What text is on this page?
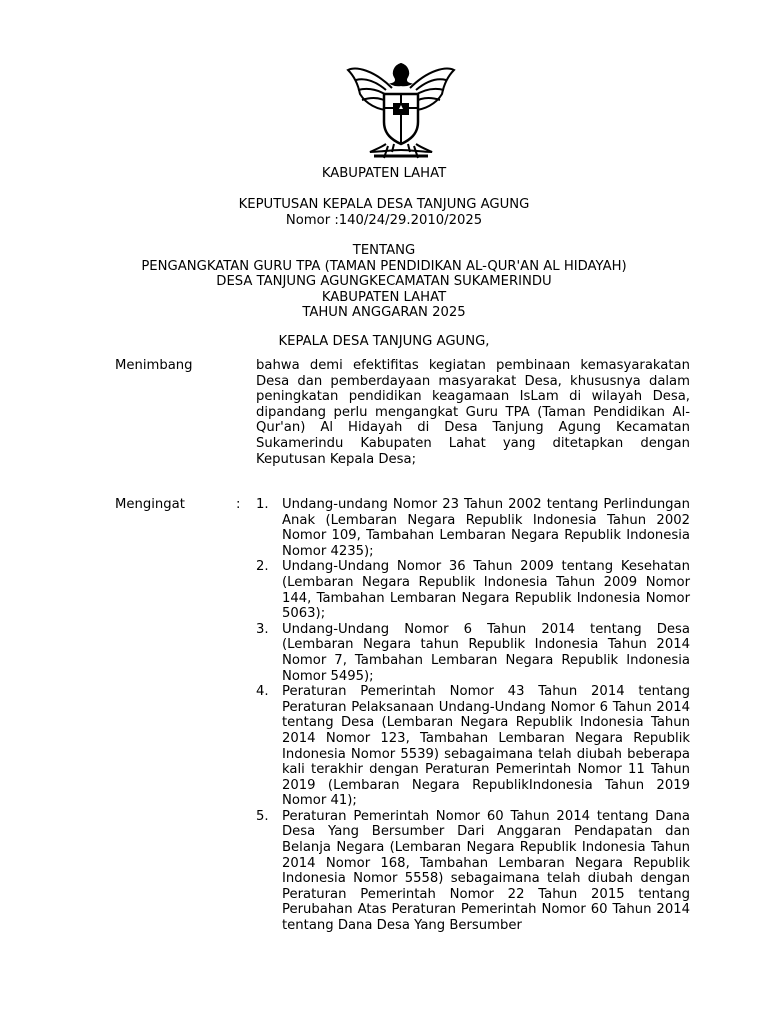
KABUPATEN LAHAT
KEPUTUSAN KEPALA DESA TANJUNG AGUNG
Nomor :140/24/29.2010/2025
TENTANG
PENGANGKATAN GURU TPA (TAMAN PENDIDIKAN AL-QUR'AN AL HIDAYAH)
DESA TANJUNG AGUNGKECAMATAN SUKAMERINDU
KABUPATEN LAHAT
TAHUN ANGGARAN 2025
KEPALA DESA TANJUNG AGUNG,
Menimbang	bahwa demi efektifitas kegiatan pembinaan kemasyarakatan Desa dan pemberdayaan masyarakat Desa, khususnya dalam peningkatan pendidikan keagamaan IsLam di wilayah Desa, dipandang perlu mengangkat Guru TPA (Taman Pendidikan Al-Qur'an) Al Hidayah di Desa Tanjung Agung Kecamatan Sukamerindu Kabupaten Lahat yang ditetapkan dengan Keputusan Kepala Desa;
Mengingat	: 1. Undang-undang Nomor 23 Tahun 2002 tentang Perlindungan Anak (Lembaran Negara Republik Indonesia Tahun 2002 Nomor 109, Tambahan Lembaran Negara Republik Indonesia Nomor 4235);
2. Undang-Undang Nomor 36 Tahun 2009 tentang Kesehatan (Lembaran Negara Republik Indonesia Tahun 2009 Nomor 144, Tambahan Lembaran Negara Republik Indonesia Nomor 5063);
3. Undang-Undang Nomor 6 Tahun 2014 tentang Desa (Lembaran Negara tahun Republik Indonesia Tahun 2014 Nomor 7, Tambahan Lembaran Negara Republik Indonesia Nomor 5495);
4. Peraturan Pemerintah Nomor 43 Tahun 2014 tentang Peraturan Pelaksanaan Undang-Undang Nomor 6 Tahun 2014 tentang Desa (Lembaran Negara Republik Indonesia Tahun 2014 Nomor 123, Tambahan Lembaran Negara Republik Indonesia Nomor 5539) sebagaimana telah diubah beberapa kali terakhir dengan Peraturan Pemerintah Nomor 11 Tahun 2019 (Lembaran Negara RepublikIndonesia Tahun 2019 Nomor 41);
5. Peraturan Pemerintah Nomor 60 Tahun 2014 tentang Dana Desa Yang Bersumber Dari Anggaran Pendapatan dan Belanja Negara (Lembaran Negara Republik Indonesia Tahun 2014 Nomor 168, Tambahan Lembaran Negara Republik Indonesia Nomor 5558) sebagaimana telah diubah dengan Peraturan Pemerintah Nomor 22 Tahun 2015 tentang Perubahan Atas Peraturan Pemerintah Nomor 60 Tahun 2014 tentang Dana Desa Yang Bersumber
